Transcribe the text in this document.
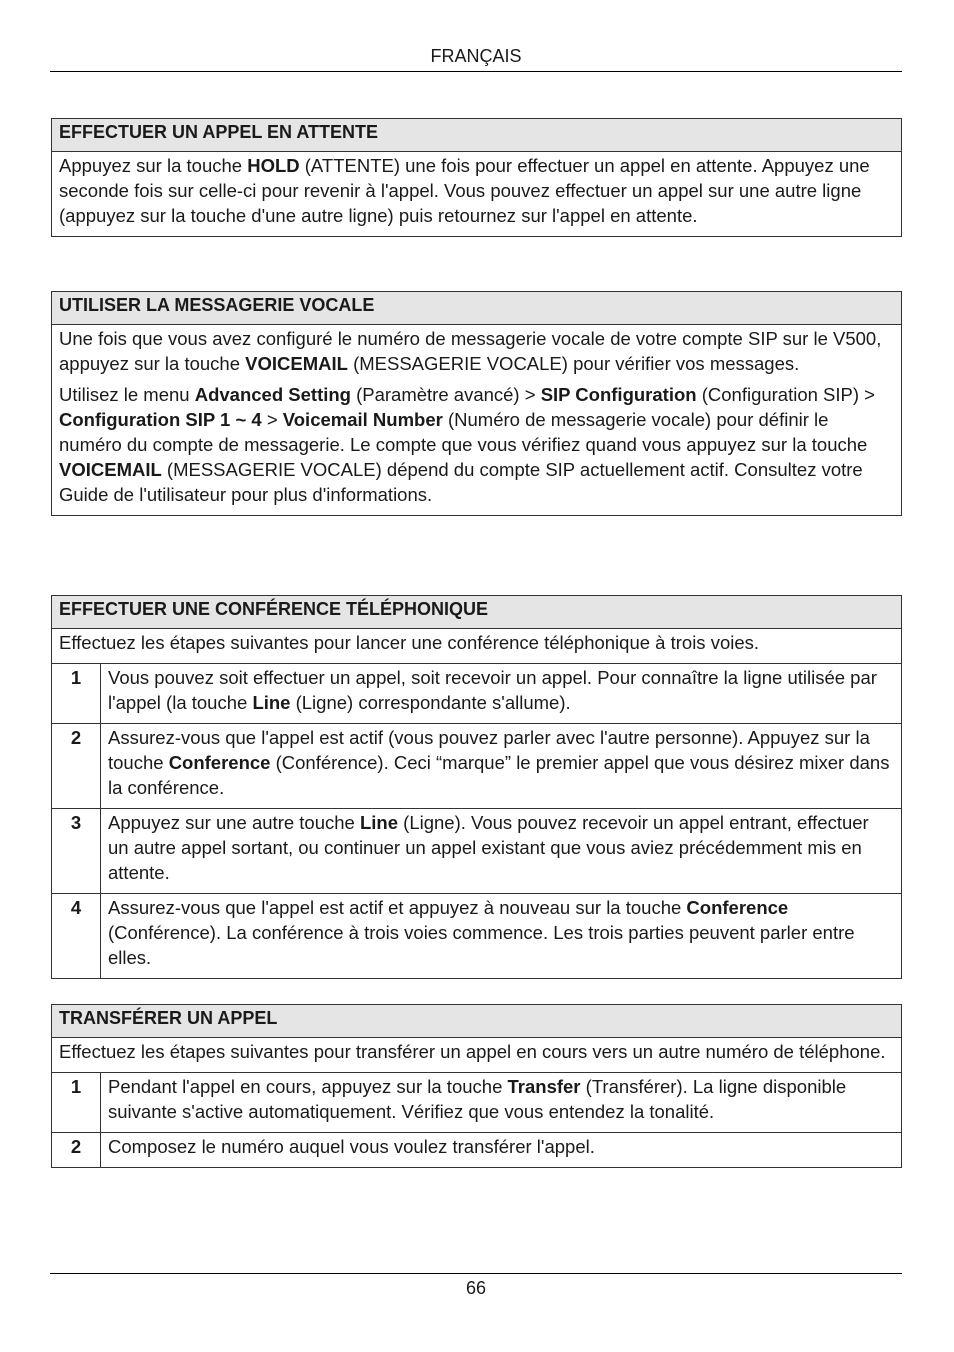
FRANÇAIS
EFFECTUER UN APPEL EN ATTENTE

Appuyez sur la touche HOLD (ATTENTE) une fois pour effectuer un appel en attente. Appuyez une seconde fois sur celle-ci pour revenir à l'appel. Vous pouvez effectuer un appel sur une autre ligne (appuyez sur la touche d'une autre ligne) puis retournez sur l'appel en attente.

UTILISER LA MESSAGERIE VOCALE

Une fois que vous avez configuré le numéro de messagerie vocale de votre compte SIP sur le V500, appuyez sur la touche VOICEMAIL (MESSAGERIE VOCALE) pour vérifier vos messages.

Utilisez le menu Advanced Setting (Paramètre avancé) > SIP Configuration (Configuration SIP) > Configuration SIP 1 ~ 4 > Voicemail Number (Numéro de messagerie vocale) pour définir le numéro du compte de messagerie. Le compte que vous vérifiez quand vous appuyez sur la touche VOICEMAIL (MESSAGERIE VOCALE) dépend du compte SIP actuellement actif. Consultez votre Guide de l'utilisateur pour plus d'informations.

EFFECTUER UNE CONFÉRENCE TÉLÉPHONIQUE
Effectuez les étapes suivantes pour lancer une conférence téléphonique à trois voies.
1	Vous pouvez soit effectuer un appel, soit recevoir un appel. Pour connaître la ligne utilisée par l'appel (la touche Line (Ligne) correspondante s'allume).
2	Assurez-vous que l'appel est actif (vous pouvez parler avec l'autre personne). Appuyez sur la touche Conference (Conférence). Ceci “marque” le premier appel que vous désirez mixer dans la conférence.
3	Appuyez sur une autre touche Line (Ligne). Vous pouvez recevoir un appel entrant, effectuer un autre appel sortant, ou continuer un appel existant que vous aviez précédemment mis en attente.
4	Assurez-vous que l'appel est actif et appuyez à nouveau sur la touche Conference (Conférence). La conférence à trois voies commence. Les trois parties peuvent parler entre elles.
TRANSFÉRER UN APPEL
Effectuez les étapes suivantes pour transférer un appel en cours vers un autre numéro de téléphone.
1	Pendant l'appel en cours, appuyez sur la touche Transfer (Transférer). La ligne disponible suivante s'active automatiquement. Vérifiez que vous entendez la tonalité.
2	Composez le numéro auquel vous voulez transférer l'appel.
66
